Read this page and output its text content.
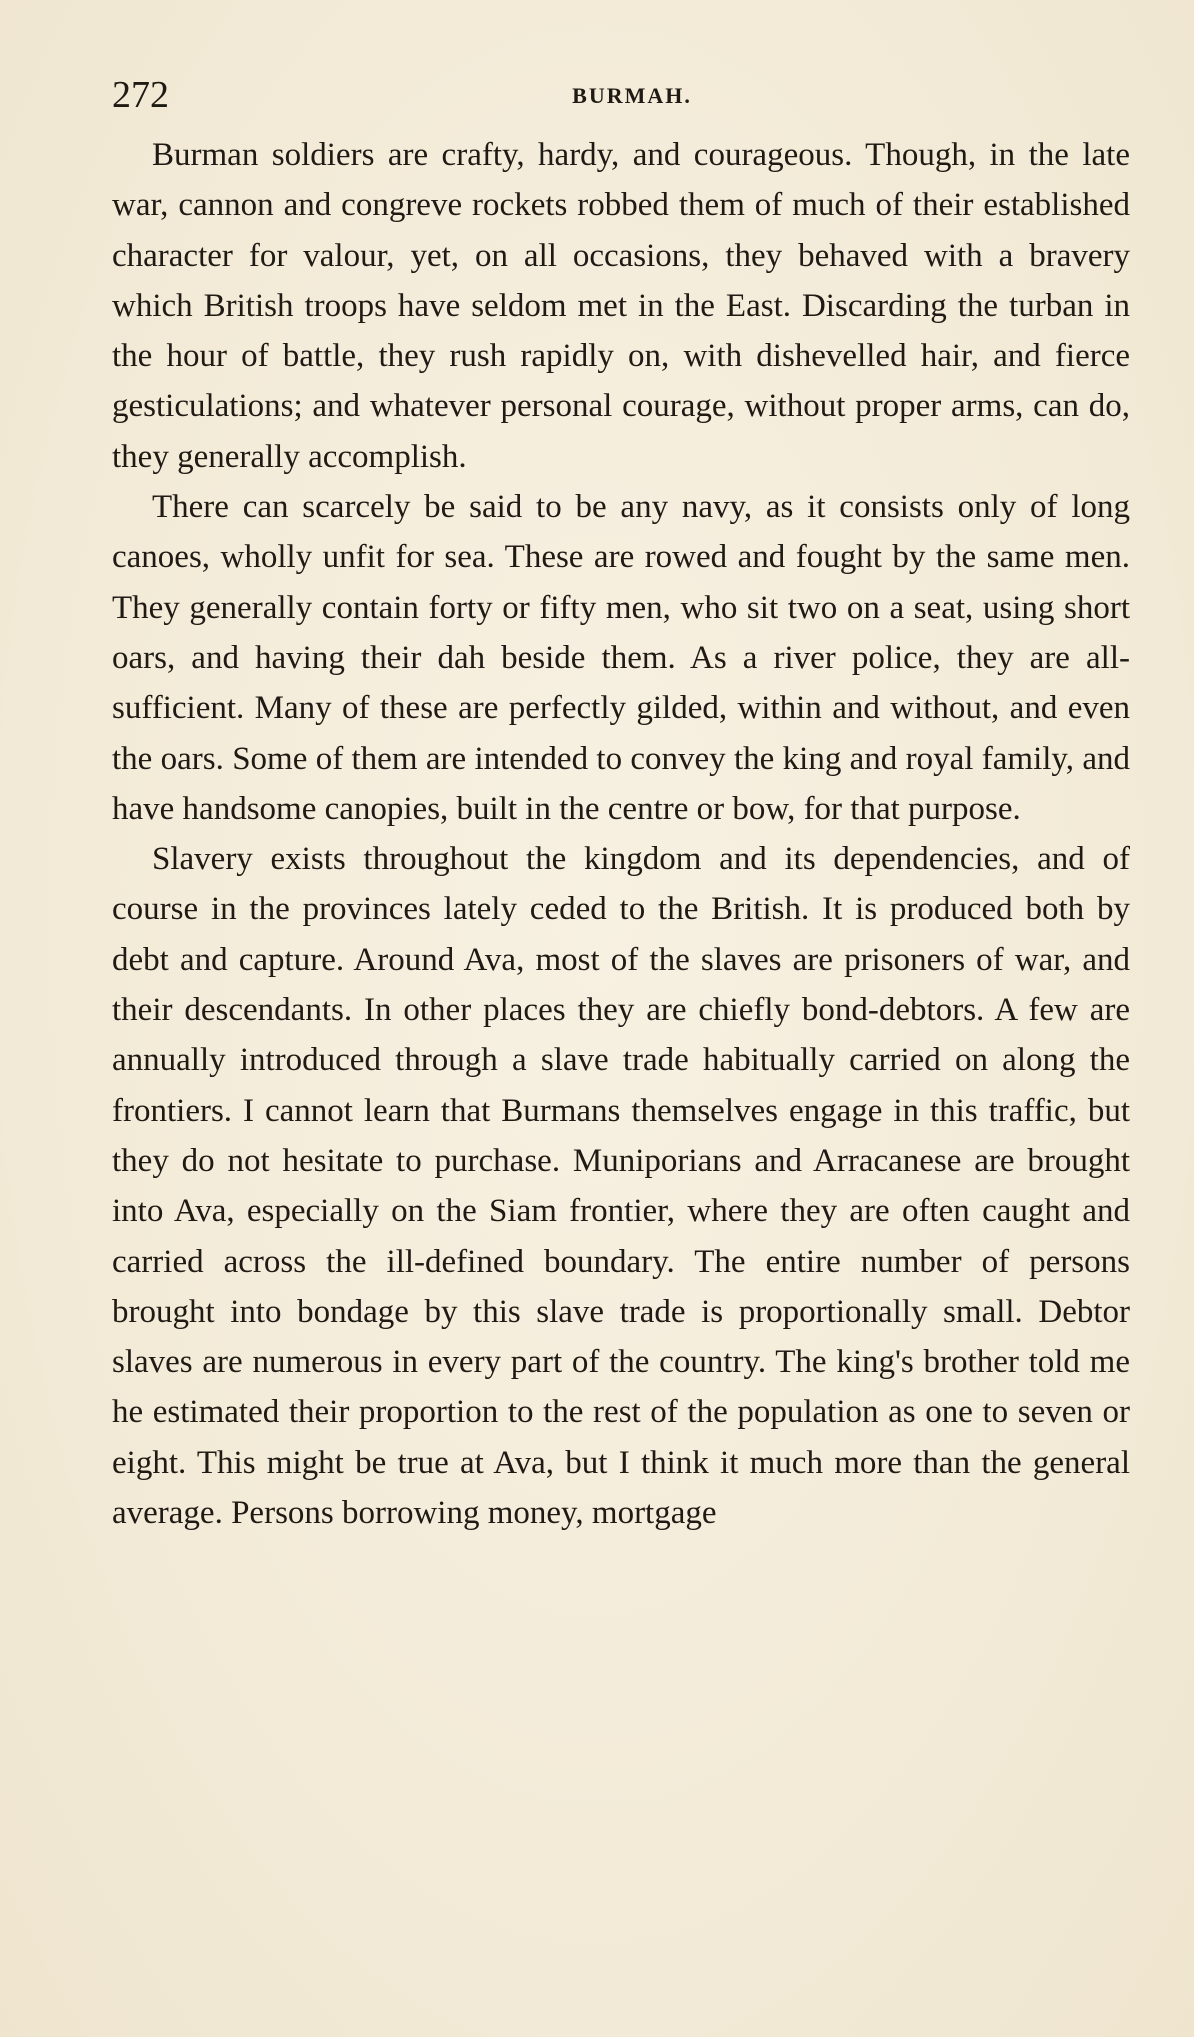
272	BURMAH.

Burman soldiers are crafty, hardy, and courageous. Though, in the late war, cannon and congreve rockets robbed them of much of their established character for valour, yet, on all occasions, they behaved with a bravery which British troops have seldom met in the East. Discarding the turban in the hour of battle, they rush rapidly on, with dishevelled hair, and fierce gesticulations; and whatever personal courage, without proper arms, can do, they generally accomplish.

There can scarcely be said to be any navy, as it consists only of long canoes, wholly unfit for sea. These are rowed and fought by the same men. They generally contain forty or fifty men, who sit two on a seat, using short oars, and having their dah beside them. As a river police, they are all-sufficient. Many of these are perfectly gilded, within and without, and even the oars. Some of them are intended to convey the king and royal family, and have handsome canopies, built in the centre or bow, for that purpose.

Slavery exists throughout the kingdom and its dependencies, and of course in the provinces lately ceded to the British. It is produced both by debt and capture. Around Ava, most of the slaves are prisoners of war, and their descendants. In other places they are chiefly bond-debtors. A few are annually introduced through a slave trade habitually carried on along the frontiers. I cannot learn that Burmans themselves engage in this traffic, but they do not hesitate to purchase. Muniporians and Arracanese are brought into Ava, especially on the Siam frontier, where they are often caught and carried across the ill-defined boundary. The entire number of persons brought into bondage by this slave trade is proportionally small. Debtor slaves are numerous in every part of the country. The king's brother told me he estimated their proportion to the rest of the population as one to seven or eight. This might be true at Ava, but I think it much more than the general average. Persons borrowing money, mortgage
